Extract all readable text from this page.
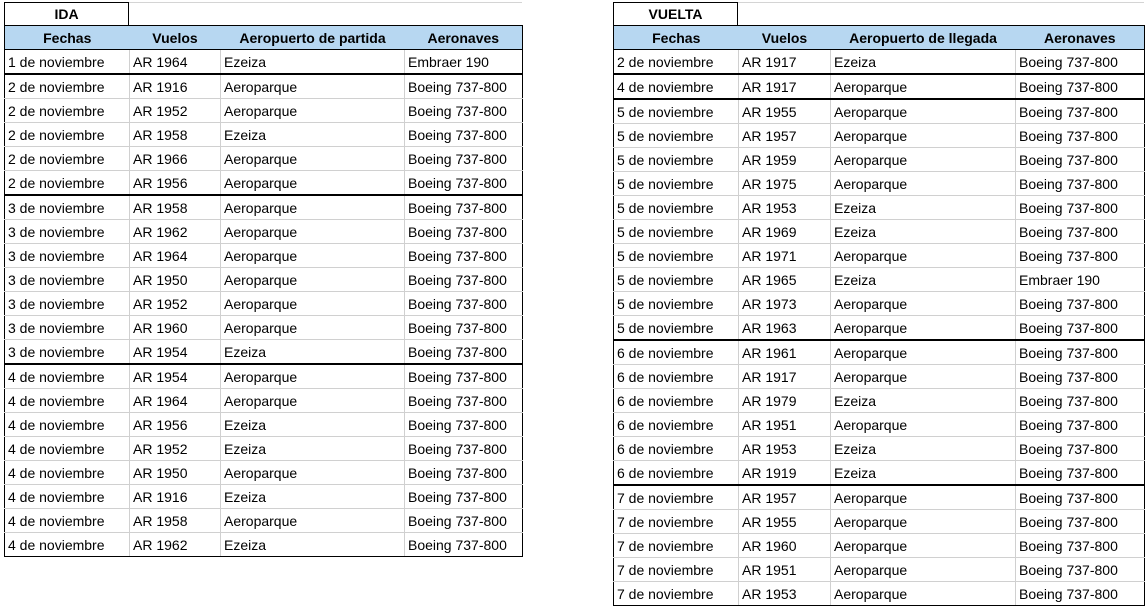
IDA
Fechas	Vuelos	Aeropuerto de partida	Aeronaves
1 de noviembre	AR 1964	Ezeiza	Embraer 190
2 de noviembre	AR 1916	Aeroparque	Boeing 737-800
2 de noviembre	AR 1952	Aeroparque	Boeing 737-800
2 de noviembre	AR 1958	Ezeiza	Boeing 737-800
2 de noviembre	AR 1966	Aeroparque	Boeing 737-800
2 de noviembre	AR 1956	Aeroparque	Boeing 737-800
3 de noviembre	AR 1958	Aeroparque	Boeing 737-800
3 de noviembre	AR 1962	Aeroparque	Boeing 737-800
3 de noviembre	AR 1964	Aeroparque	Boeing 737-800
3 de noviembre	AR 1950	Aeroparque	Boeing 737-800
3 de noviembre	AR 1952	Aeroparque	Boeing 737-800
3 de noviembre	AR 1960	Aeroparque	Boeing 737-800
3 de noviembre	AR 1954	Ezeiza	Boeing 737-800
4 de noviembre	AR 1954	Aeroparque	Boeing 737-800
4 de noviembre	AR 1964	Aeroparque	Boeing 737-800
4 de noviembre	AR 1956	Ezeiza	Boeing 737-800
4 de noviembre	AR 1952	Ezeiza	Boeing 737-800
4 de noviembre	AR 1950	Aeroparque	Boeing 737-800
4 de noviembre	AR 1916	Ezeiza	Boeing 737-800
4 de noviembre	AR 1958	Aeroparque	Boeing 737-800
4 de noviembre	AR 1962	Ezeiza	Boeing 737-800
VUELTA
Fechas	Vuelos	Aeropuerto de llegada	Aeronaves
2 de noviembre	AR 1917	Ezeiza	Boeing 737-800
4 de noviembre	AR 1917	Aeroparque	Boeing 737-800
5 de noviembre	AR 1955	Aeroparque	Boeing 737-800
5 de noviembre	AR 1957	Aeroparque	Boeing 737-800
5 de noviembre	AR 1959	Aeroparque	Boeing 737-800
5 de noviembre	AR 1975	Aeroparque	Boeing 737-800
5 de noviembre	AR 1953	Ezeiza	Boeing 737-800
5 de noviembre	AR 1969	Ezeiza	Boeing 737-800
5 de noviembre	AR 1971	Aeroparque	Boeing 737-800
5 de noviembre	AR 1965	Ezeiza	Embraer 190
5 de noviembre	AR 1973	Aeroparque	Boeing 737-800
5 de noviembre	AR 1963	Aeroparque	Boeing 737-800
6 de noviembre	AR 1961	Aeroparque	Boeing 737-800
6 de noviembre	AR 1917	Aeroparque	Boeing 737-800
6 de noviembre	AR 1979	Ezeiza	Boeing 737-800
6 de noviembre	AR 1951	Aeroparque	Boeing 737-800
6 de noviembre	AR 1953	Ezeiza	Boeing 737-800
6 de noviembre	AR 1919	Ezeiza	Boeing 737-800
7 de noviembre	AR 1957	Aeroparque	Boeing 737-800
7 de noviembre	AR 1955	Aeroparque	Boeing 737-800
7 de noviembre	AR 1960	Aeroparque	Boeing 737-800
7 de noviembre	AR 1951	Aeroparque	Boeing 737-800
7 de noviembre	AR 1953	Aeroparque	Boeing 737-800
